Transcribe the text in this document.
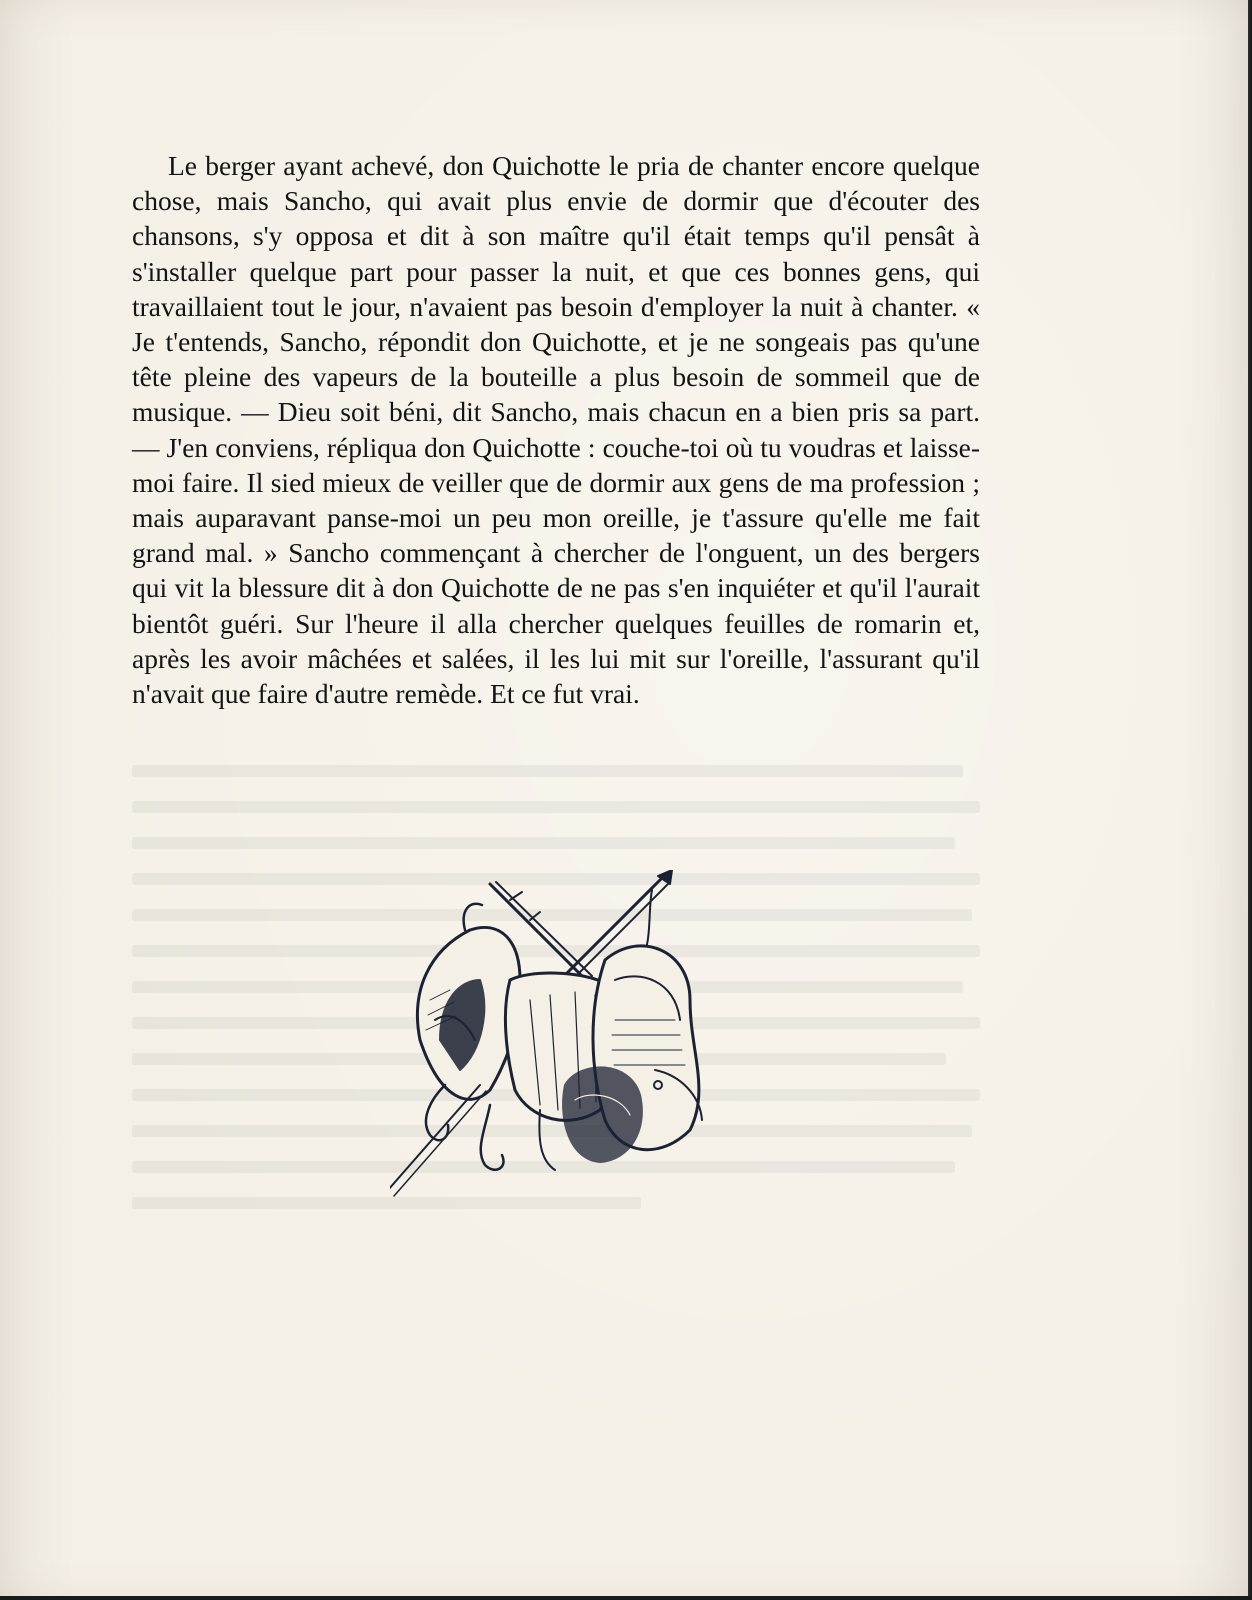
Le berger ayant achevé, don Quichotte le pria de chanter encore quelque chose, mais Sancho, qui avait plus envie de dormir que d'écouter des chansons, s'y opposa et dit à son maître qu'il était temps qu'il pensât à s'installer quelque part pour passer la nuit, et que ces bonnes gens, qui travaillaient tout le jour, n'avaient pas besoin d'employer la nuit à chanter. « Je t'entends, Sancho, répondit don Quichotte, et je ne songeais pas qu'une tête pleine des vapeurs de la bouteille a plus besoin de sommeil que de musique. — Dieu soit béni, dit Sancho, mais chacun en a bien pris sa part. — J'en conviens, répliqua don Quichotte : couche-toi où tu voudras et laisse-moi faire. Il sied mieux de veiller que de dormir aux gens de ma profession ; mais auparavant panse-moi un peu mon oreille, je t'assure qu'elle me fait grand mal. » Sancho commençant à chercher de l'onguent, un des bergers qui vit la blessure dit à don Quichotte de ne pas s'en inquiéter et qu'il l'aurait bientôt guéri. Sur l'heure il alla chercher quelques feuilles de romarin et, après les avoir mâchées et salées, il les lui mit sur l'oreille, l'assurant qu'il n'avait que faire d'autre remède. Et ce fut vrai.
